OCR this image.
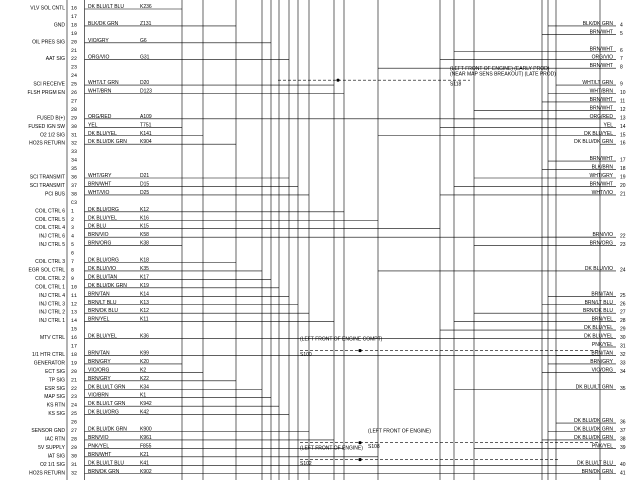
VLV SOL CNTL 16 DK BLU/LT BLU	K236
17
GND 18 BLK/DK GRN	Z131
19
OIL PRES SIG 20 VIO/GRY	G6
21
AAT SIG 22 ORG/VIO	G31
23
24
SCI RECEIVE 25 WHT/LT GRN	D20
FLSH PRGM EN 26 WHT/BRN	D123
27
28
FUSED B(+) 29 ORG/RED	A109
FUSED IGN SW 30 YEL	T751
O2 1/2 SIG 31 DK BLU/YEL	K141
HO2S RETURN 32 DK BLU/DK GRN	K904
33
34
35
SCI TRANSMIT 36 WHT/GRY	D21
SCI TRANSMIT 37 BRN/WHT	D15
PCI BUS 38 WHT/VIO	D25
C3
COIL CTRL 6 1	DK BLU/ORG	K12
COIL CTRL 5 2	DK BLU/YEL	K16
COIL CTRL 4 3	DK BLU	K15
INJ CTRL 6 4	BRN/VIO	K58
INJ CTRL 5 5	BRN/ORG	K38
6
COIL CTRL 3 7	DK BLU/ORG	K18
EGR SOL CTRL 8	DK BLU/VIO	K35
COIL CTRL 2 9	DK BLU/TAN	K17
COIL CTRL 1 10 DK BLU/DK GRN	K19
INJ CTRL 4 11 BRN/TAN	K14
INJ CTRL 3 12 BRN/LT BLU	K13
INJ CTRL 2 13 BRN/DK BLU	K12
INJ CTRL 1 14 BRN/YEL	K11
15
MTV CTRL 16 DK BLU/YEL	K36
17
1/1 HTR CTRL 18 BRN/TAN	K99
GENERATOR 19 BRN/GRY	K20
ECT SIG 20 VIO/ORG	K2
TP SIG 21 BRN/GRY	K22
ESR SIG 22 DK BLU/LT GRN	K34
MAP SIG 23 VIO/BRN	K1
KS RTN 24 DK BLU/LT GRN	K942
KS SIG 25 DK BLU/ORG	K42
26
SENSOR GND 27 DK BLU/DK GRN	K900
IAC RTN 28 BRN/VIO	K961
5V SUPPLY 29 PNK/YEL	F855
IAT SIG 30 BRN/WHT	K21
O2 1/1 SIG 31 DK BLU/LT BLU	K41
HO2S RETURN 32 BRN/DK GRN	K902
BLK/DK GRN 4
BRN/WHT 5
BRN/WHT 6
ORG/VIO 7
BRN/WHT 8
WHT/LT GRN 9
WHT/BRN 10
BRN/WHT 11
BRN/WHT 12
ORG/RED 13
YEL 14
DK BLU/YEL 15
DK BLU/DK GRN 16
BRN/WHT 17
BLK/BRN 18
WHT/GRY 19
BRN/WHT 20
WHT/VIO 21
BRN/VIO 22
BRN/ORG 23
DK BLU/VIO 24
BRN/TAN 25
BRN/LT BLU 26
BRN/DK BLU 27
BRN/YEL 28
DK BLU/YEL 29
DK BLU/YEL 30
PNK/YEL 31
BRN/TAN 32
BRN/GRY 33
VIO/ORG 34
DK BLU/LT GRN 35
DK BLU/DK GRN 36
DK BLU/DK GRN 37
DK BLU/DK GRN 38
PNK/YEL 39
DK BLU/LT BLU 40
BRN/DK GRN 41
(LEFT FRONT OF ENGINE) (EARLY PROD)
(NEAR MAP SENS BREAKOUT) (LATE PROD)
S118
(LEFT FRONT OF ENGINE COMPT)
S100
(LEFT FRONT OF ENGINE)
S108
(LEFT FRONT OF ENGINE)
S102
